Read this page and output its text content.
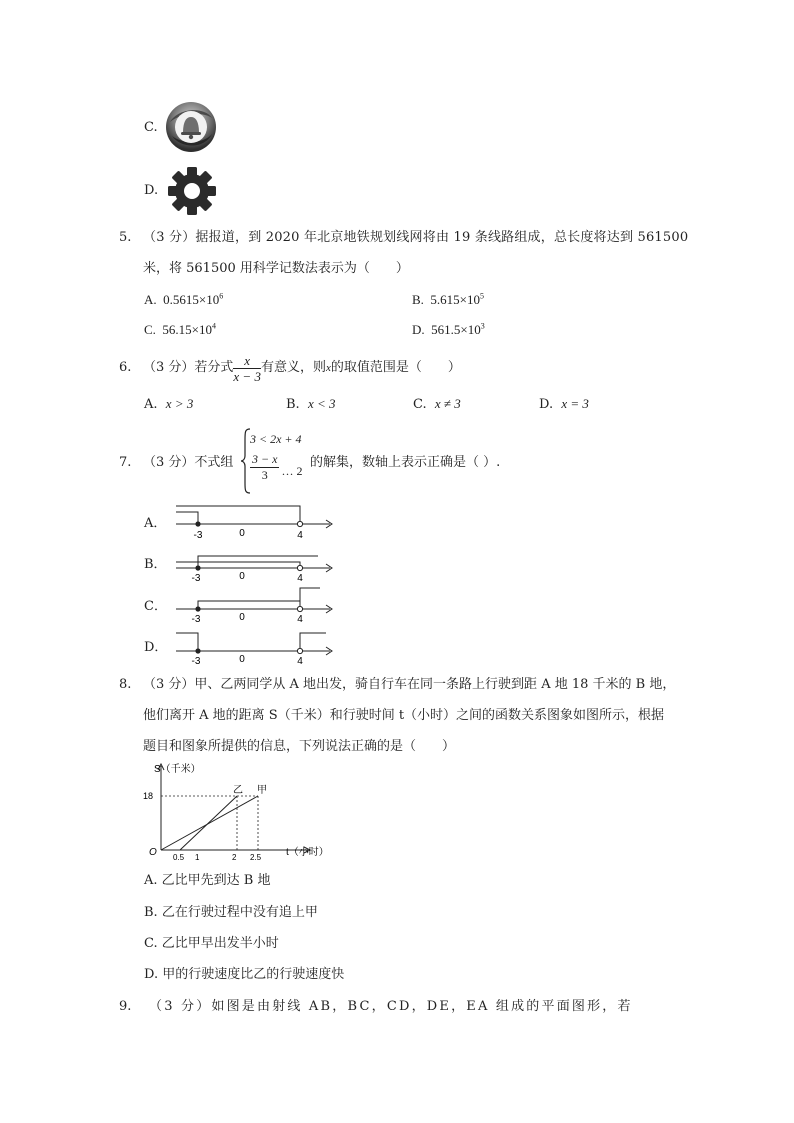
C.
D.
5. （3 分）据报道，到 2020 年北京地铁规划线网将由 19 条线路组成，总长度将达到 561500
米，将 561500 用科学记数法表示为（　　）
A. $0.5615\times 10^6$	B. $5.615\times 10^5$
C. $56.15\times 10^4$	D. $561.5\times 10^3$
6. （3 分）若分式 $\frac{x}{x - 3}$ 有意义，则 x 的取值范围是（　　）
A. x > 3	B. x < 3	C. x ≠ 3	D. x = 3
7. （3 分）不式组
3 < 2x + 4
$\frac{3 - x}{3}$ … 2
的解集，数轴上表示正确是（ ）.
A．
-3	0	4
B．
-3	0	4
C．
-3	0	4
D．
-3	0	4
8. （3 分）甲、乙两同学从 A 地出发，骑自行车在同一条路上行驶到距 A 地 18 千米的 B 地，
他们离开 A 地的距离 S（千米）和行驶时间 t（小时）之间的函数关系图象如图所示，根据
题目和图象所提供的信息，下列说法正确的是（　　）
S（千米）
t（小时）
O
18
0.5 1	2 2.5
乙 甲
A. 乙比甲先到达 B 地
B. 乙在行驶过程中没有追上甲
C. 乙比甲早出发半小时
D. 甲的行驶速度比乙的行驶速度快
9. （3 分）如图是由射线 AB，BC，CD，DE，EA 组成的平面图形，若
